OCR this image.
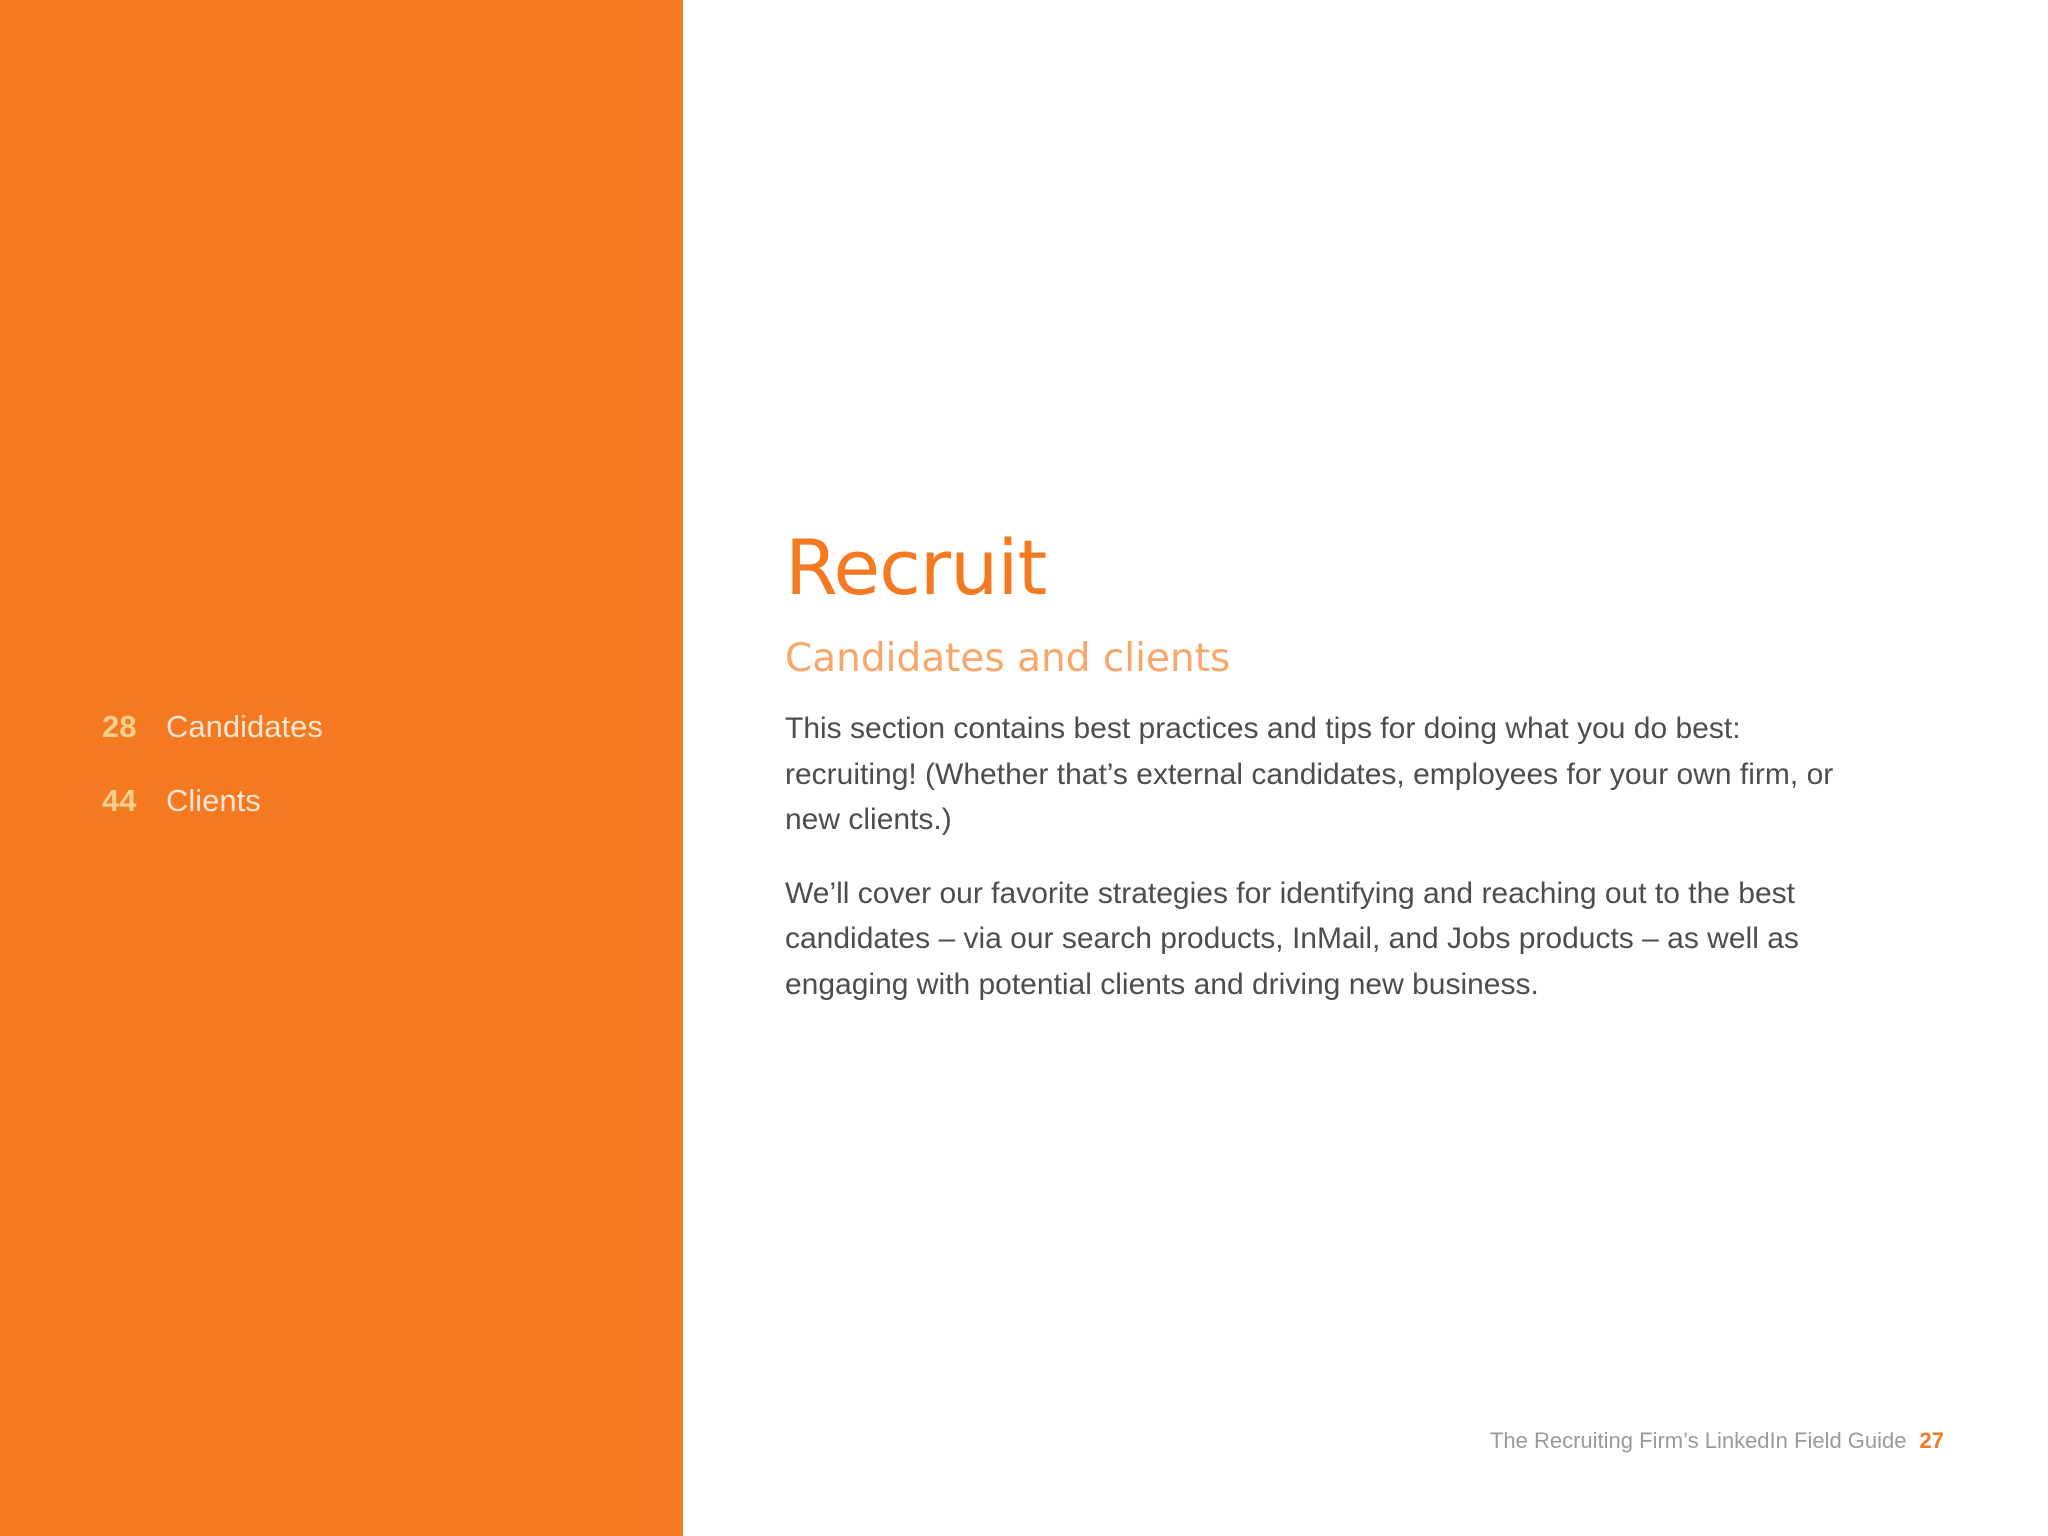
28 Candidates
44 Clients
Recruit
Candidates and clients

This section contains best practices and tips for doing what you do best: recruiting! (Whether that’s external candidates, employees for your own firm, or new clients.)

We’ll cover our favorite strategies for identifying and reaching out to the best candidates – via our search products, InMail, and Jobs products – as well as engaging with potential clients and driving new business.

The Recruiting Firm’s LinkedIn Field Guide 27
